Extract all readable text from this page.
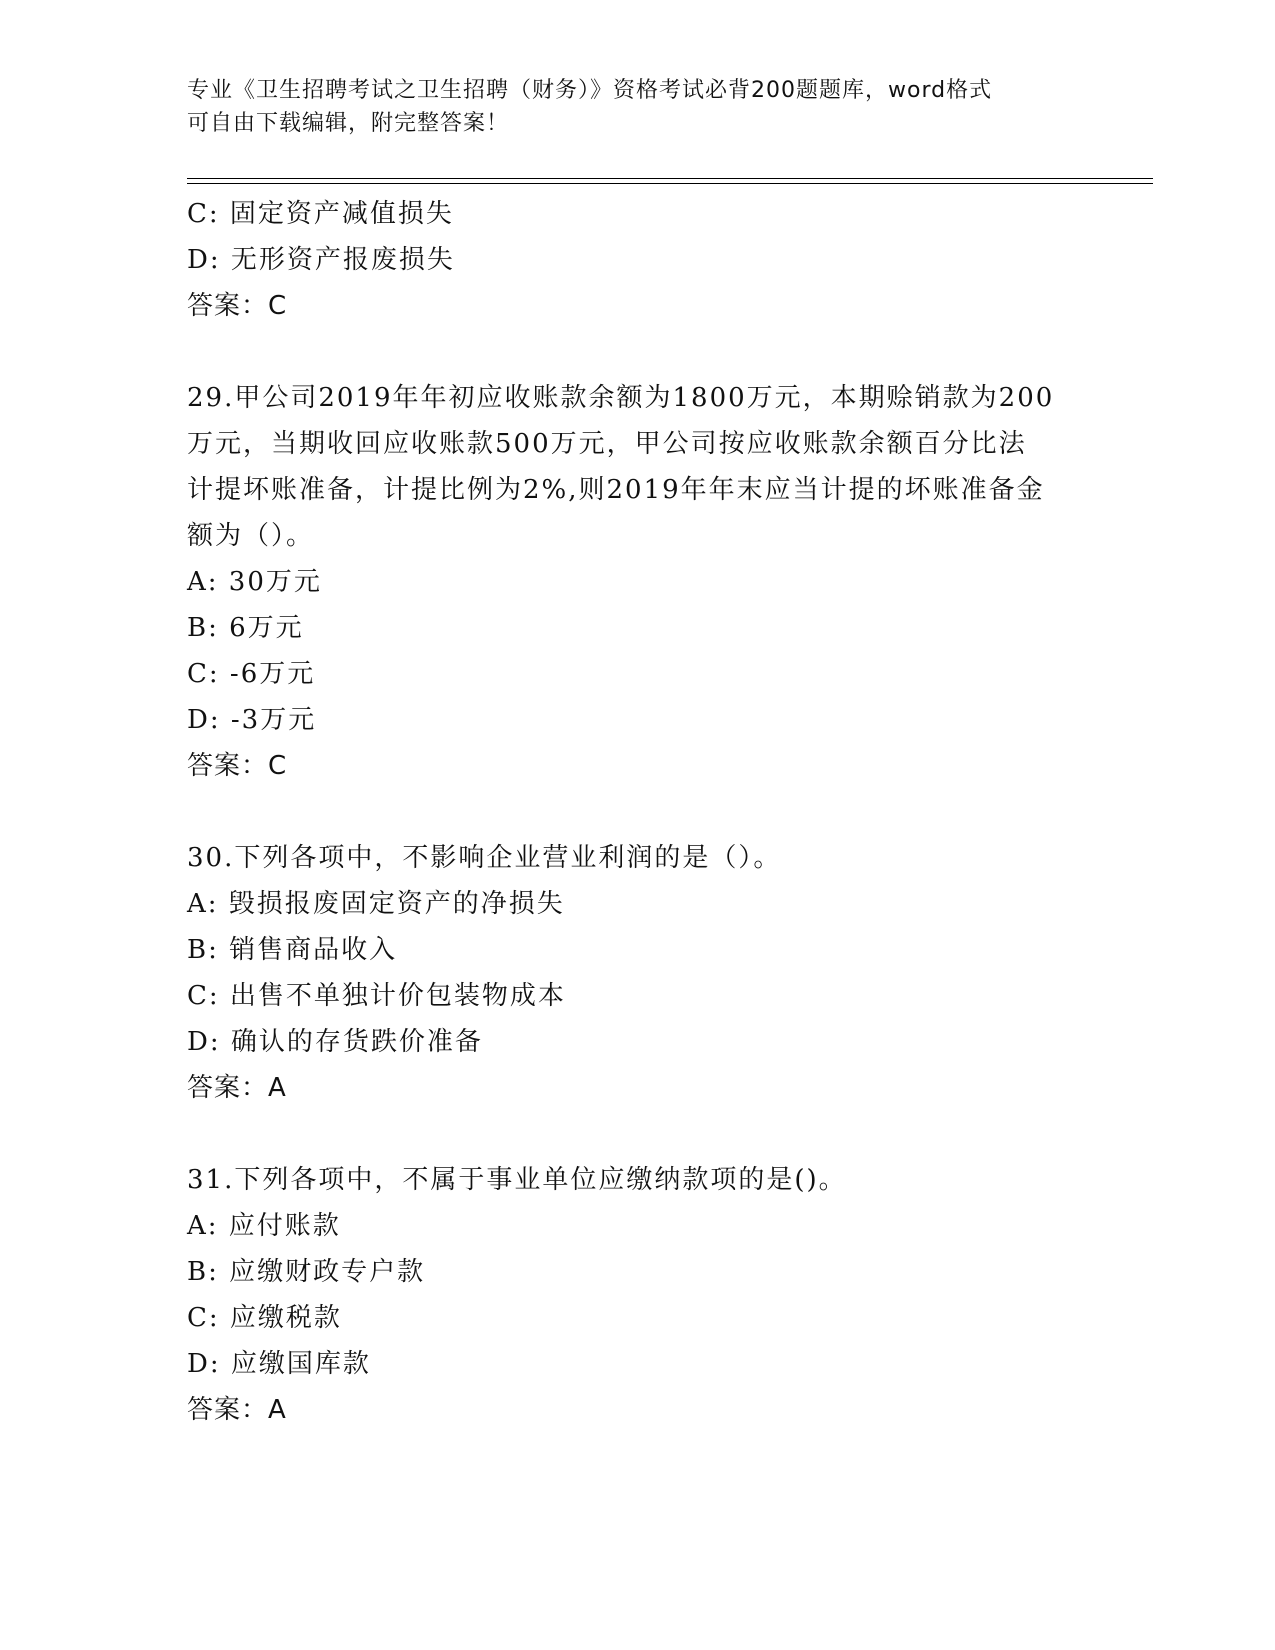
专业《卫生招聘考试之卫生招聘（财务）》资格考试必背200题题库，word格式
可自由下载编辑，附完整答案！
C: 固定资产减值损失
D: 无形资产报废损失
答案：C
29.甲公司2019年年初应收账款余额为1800万元，本期赊销款为200
万元，当期收回应收账款500万元，甲公司按应收账款余额百分比法
计提坏账准备，计提比例为2%,则2019年年末应当计提的坏账准备金
额为（）。
A: 30万元
B: 6万元
C: -6万元
D: -3万元
答案：C
30.下列各项中，不影响企业营业利润的是（）。
A: 毁损报废固定资产的净损失
B: 销售商品收入
C: 出售不单独计价包装物成本
D: 确认的存货跌价准备
答案：A
31.下列各项中，不属于事业单位应缴纳款项的是()。
A: 应付账款
B: 应缴财政专户款
C: 应缴税款
D: 应缴国库款
答案：A
